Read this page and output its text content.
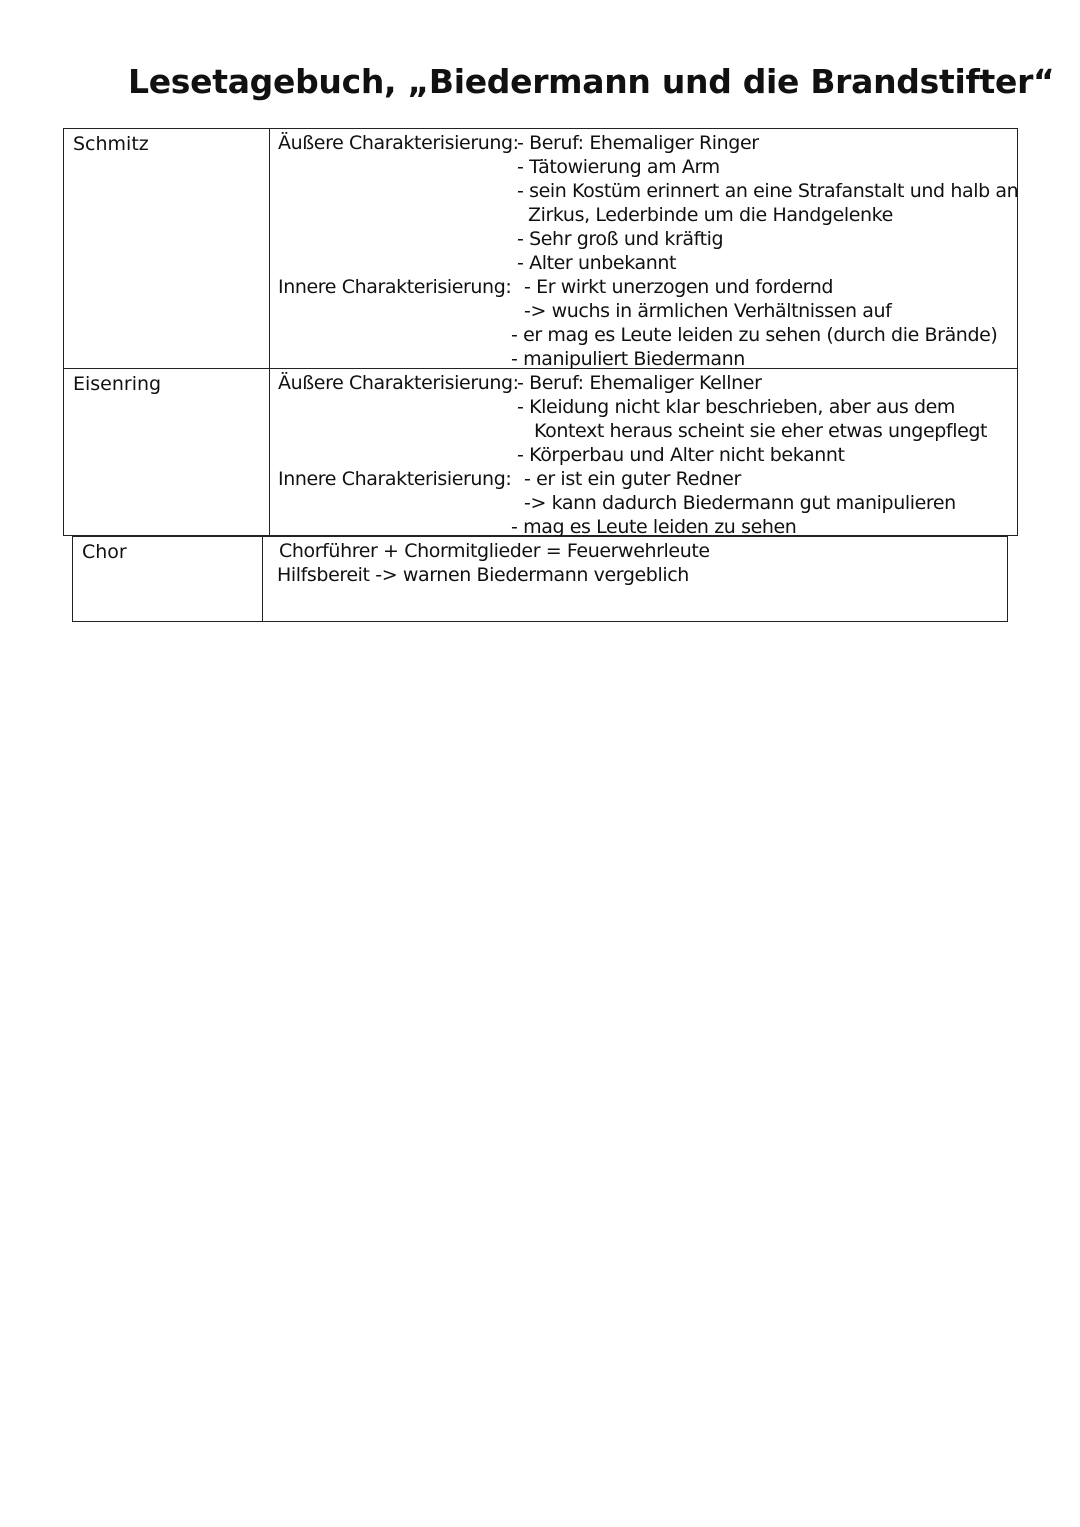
Lesetagebuch, „Biedermann und die Brandstifter“
Schmitz	Äußere Charakterisierung:
- Beruf: Ehemaliger Ringer
- Tätowierung am Arm
- sein Kostüm erinnert an eine Strafanstalt und halb an
Zirkus, Lederbinde um die Handgelenke
- Sehr groß und kräftig
- Alter unbekannt
Innere Charakterisierung: - Er wirkt unerzogen und fordernd
-> wuchs in ärmlichen Verhältnissen auf
- er mag es Leute leiden zu sehen (durch die Brände)
- manipuliert Biedermann
Eisenring	Äußere Charakterisierung:
- Beruf: Ehemaliger Kellner
- Kleidung nicht klar beschrieben, aber aus dem
Kontext heraus scheint sie eher etwas ungepflegt
- Körperbau und Alter nicht bekannt
Innere Charakterisierung: - er ist ein guter Redner
-> kann dadurch Biedermann gut manipulieren
- mag es Leute leiden zu sehen
Chor	Chorführer + Chormitglieder = Feuerwehrleute
Hilfsbereit -> warnen Biedermann vergeblich
